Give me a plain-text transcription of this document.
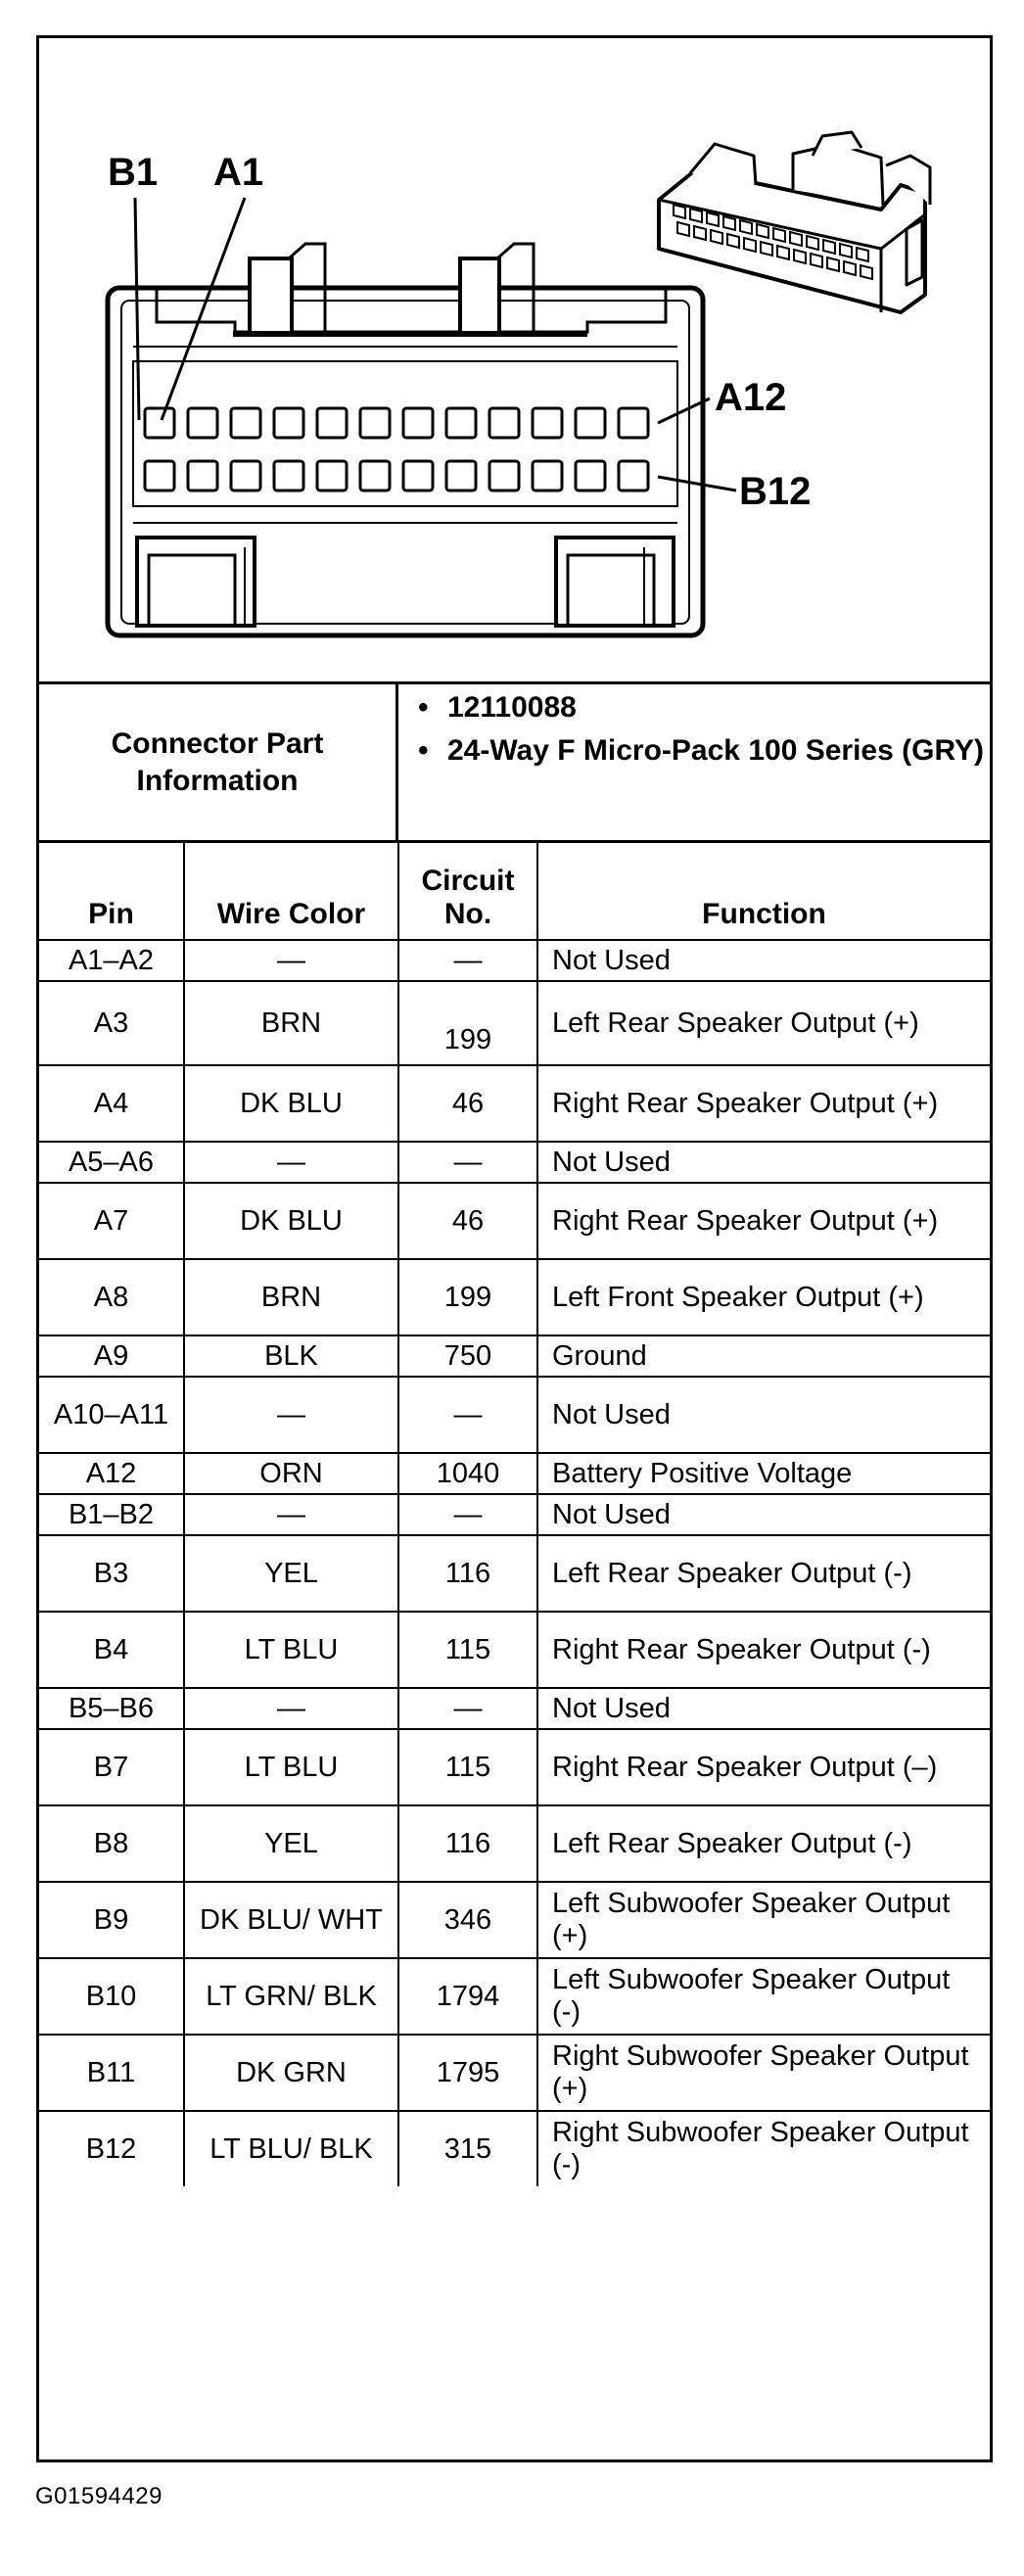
B1 A1
A12
B12
Connector Part Information
• 12110088
• 24-Way F Micro-Pack 100 Series (GRY)
Pin	Wire Color	Circuit No.	Function
A1–A2	—	—	Not Used
A3	BRN	199	Left Rear Speaker Output (+)
A4	DK BLU	46	Right Rear Speaker Output (+)
A5–A6	—	—	Not Used
A7	DK BLU	46	Right Rear Speaker Output (+)
A8	BRN	199	Left Front Speaker Output (+)
A9	BLK	750	Ground
A10–A11	—	—	Not Used
A12	ORN	1040	Battery Positive Voltage
B1–B2	—	—	Not Used
B3	YEL	116	Left Rear Speaker Output (-)
B4	LT BLU	115	Right Rear Speaker Output (-)
B5–B6	—	—	Not Used
B7	LT BLU	115	Right Rear Speaker Output (–)
B8	YEL	116	Left Rear Speaker Output (-)
B9	DK BLU/ WHT	346	Left Subwoofer Speaker Output (+)
B10	LT GRN/ BLK	1794	Left Subwoofer Speaker Output (-)
B11	DK GRN	1795	Right Subwoofer Speaker Output (+)
B12	LT BLU/ BLK	315	Right Subwoofer Speaker Output (-)
G01594429
